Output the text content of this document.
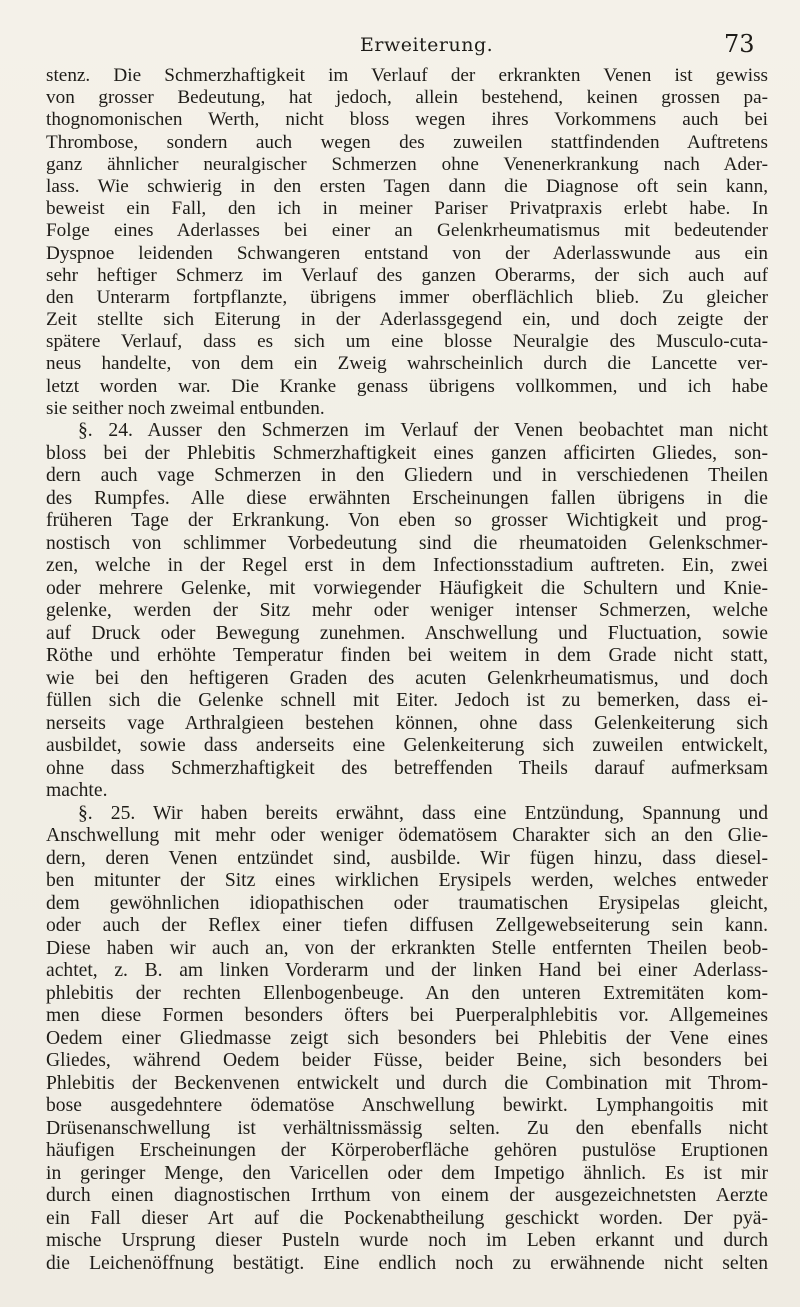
Erweiterung.	73
stenz. Die Schmerzhaftigkeit im Verlauf der erkrankten Venen ist gewiss
von grosser Bedeutung, hat jedoch, allein bestehend, keinen grossen pa-
thognomonischen Werth, nicht bloss wegen ihres Vorkommens auch bei
Thrombose, sondern auch wegen des zuweilen stattfindenden Auftretens
ganz ähnlicher neuralgischer Schmerzen ohne Venenerkrankung nach Ader-
lass. Wie schwierig in den ersten Tagen dann die Diagnose oft sein kann,
beweist ein Fall, den ich in meiner Pariser Privatpraxis erlebt habe. In
Folge eines Aderlasses bei einer an Gelenkrheumatismus mit bedeutender
Dyspnoe leidenden Schwangeren entstand von der Aderlasswunde aus ein
sehr heftiger Schmerz im Verlauf des ganzen Oberarms, der sich auch auf
den Unterarm fortpflanzte, übrigens immer oberflächlich blieb. Zu gleicher
Zeit stellte sich Eiterung in der Aderlassgegend ein, und doch zeigte der
spätere Verlauf, dass es sich um eine blosse Neuralgie des Musculo-cuta-
neus handelte, von dem ein Zweig wahrscheinlich durch die Lancette ver-
letzt worden war. Die Kranke genass übrigens vollkommen, und ich habe
sie seither noch zweimal entbunden.
§. 24. Ausser den Schmerzen im Verlauf der Venen beobachtet man nicht
bloss bei der Phlebitis Schmerzhaftigkeit eines ganzen afficirten Gliedes, son-
dern auch vage Schmerzen in den Gliedern und in verschiedenen Theilen
des Rumpfes. Alle diese erwähnten Erscheinungen fallen übrigens in die
früheren Tage der Erkrankung. Von eben so grosser Wichtigkeit und prog-
nostisch von schlimmer Vorbedeutung sind die rheumatoiden Gelenkschmer-
zen, welche in der Regel erst in dem Infectionsstadium auftreten. Ein, zwei
oder mehrere Gelenke, mit vorwiegender Häufigkeit die Schultern und Knie-
gelenke, werden der Sitz mehr oder weniger intenser Schmerzen, welche
auf Druck oder Bewegung zunehmen. Anschwellung und Fluctuation, sowie
Röthe und erhöhte Temperatur finden bei weitem in dem Grade nicht statt,
wie bei den heftigeren Graden des acuten Gelenkrheumatismus, und doch
füllen sich die Gelenke schnell mit Eiter. Jedoch ist zu bemerken, dass ei-
nerseits vage Arthralgieen bestehen können, ohne dass Gelenkeiterung sich
ausbildet, sowie dass anderseits eine Gelenkeiterung sich zuweilen entwickelt,
ohne dass Schmerzhaftigkeit des betreffenden Theils darauf aufmerksam
machte.
§. 25. Wir haben bereits erwähnt, dass eine Entzündung, Spannung und
Anschwellung mit mehr oder weniger ödematösem Charakter sich an den Glie-
dern, deren Venen entzündet sind, ausbilde. Wir fügen hinzu, dass diesel-
ben mitunter der Sitz eines wirklichen Erysipels werden, welches entweder
dem gewöhnlichen idiopathischen oder traumatischen Erysipelas gleicht,
oder auch der Reflex einer tiefen diffusen Zellgewebseiterung sein kann.
Diese haben wir auch an, von der erkrankten Stelle entfernten Theilen beob-
achtet, z. B. am linken Vorderarm und der linken Hand bei einer Aderlass-
phlebitis der rechten Ellenbogenbeuge. An den unteren Extremitäten kom-
men diese Formen besonders öfters bei Puerperalphlebitis vor. Allgemeines
Oedem einer Gliedmasse zeigt sich besonders bei Phlebitis der Vene eines
Gliedes, während Oedem beider Füsse, beider Beine, sich besonders bei
Phlebitis der Beckenvenen entwickelt und durch die Combination mit Throm-
bose ausgedehntere ödematöse Anschwellung bewirkt. Lymphangoitis mit
Drüsenanschwellung ist verhältnissmässig selten. Zu den ebenfalls nicht
häufigen Erscheinungen der Körperoberfläche gehören pustulöse Eruptionen
in geringer Menge, den Varicellen oder dem Impetigo ähnlich. Es ist mir
durch einen diagnostischen Irrthum von einem der ausgezeichnetsten Aerzte
ein Fall dieser Art auf die Pockenabtheilung geschickt worden. Der pyä-
mische Ursprung dieser Pusteln wurde noch im Leben erkannt und durch
die Leichenöffnung bestätigt. Eine endlich noch zu erwähnende nicht selten
